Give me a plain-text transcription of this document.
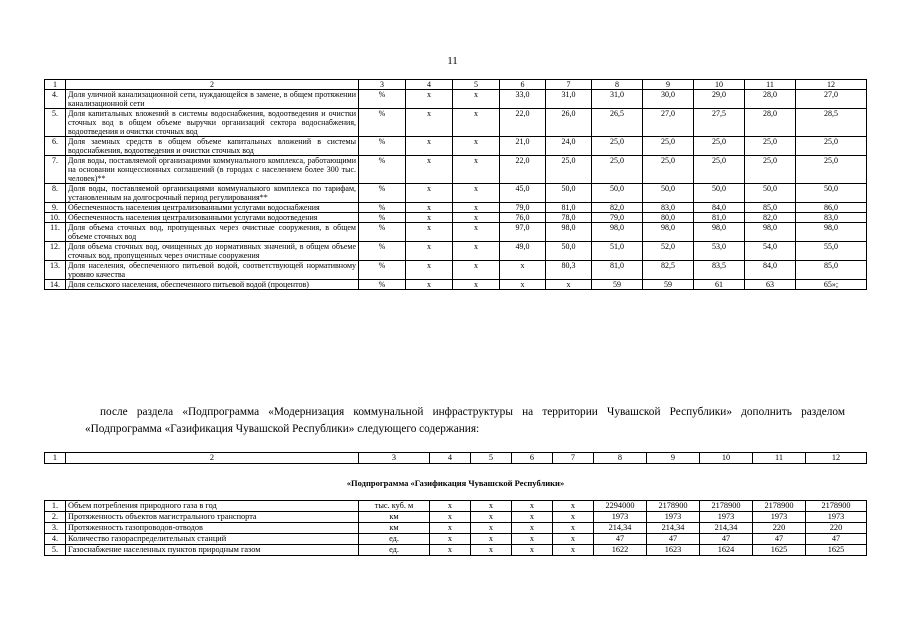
11
1	2	3	4	5	6	7	8	9	10	11	12
4.	Доля уличной канализационной сети, нуждающейся в замене, в общем протяжении канализационной сети	%	х	х	33,0	31,0	31,0	30,0	29,0	28,0	27,0
5.	Доля капитальных вложений в системы водоснабжения, водоотведения и очистки сточных вод в общем объеме выручки организаций сектора водоснабжения, водоотведения и очистки сточных вод	%	х	х	22,0	26,0	26,5	27,0	27,5	28,0	28,5
6.	Доля заемных средств в общем объеме капитальных вложений в системы водоснабжения, водоотведения и очистки сточных вод	%	х	х	21,0	24,0	25,0	25,0	25,0	25,0	25,0
7.	Доля воды, поставляемой организациями коммунального комплекса, работающими на основании концессионных соглашений (в городах с населением более 300 тыс. человек)**	%	х	х	22,0	25,0	25,0	25,0	25,0	25,0	25,0
8.	Доля воды, поставляемой организациями коммунального комплекса по тарифам, установленным на долгосрочный период регулирования**	%	х	х	45,0	50,0	50,0	50,0	50,0	50,0	50,0
9.	Обеспеченность населения централизованными услугами водоснабжения	%	х	х	79,0	81,0	82,0	83,0	84,0	85,0	86,0
10.	Обеспеченность населения централизованными услугами водоотведения	%	х	х	76,0	78,0	79,0	80,0	81,0	82,0	83,0
11.	Доля объема сточных вод, пропущенных через очистные сооружения, в общем объеме сточных вод	%	х	х	97,0	98,0	98,0	98,0	98,0	98,0	98,0
12.	Доля объема сточных вод, очищенных до нормативных значений, в общем объеме сточных вод, пропущенных через очистные сооружения	%	х	х	49,0	50,0	51,0	52,0	53,0	54,0	55,0
13.	Доля населения, обеспеченного питьевой водой, соответствующей нормативному уровню качества	%	х	х	х	80,3	81,0	82,5	83,5	84,0	85,0
14.	Доля сельского населения, обеспеченного питьевой водой (процентов)	%	х	х	х	х	59	59	61	63	65»;
после раздела «Подпрограмма «Модернизация коммунальной инфраструктуры на территории Чувашской Республики» дополнить разделом «Подпрограмма «Газификация Чувашской Республики» следующего содержания:
1	2	3	4	5	6	7	8	9	10	11	12
«Подпрограмма «Газификация Чувашской Республики»											
1.	Объем потребления природного газа в год	тыс. куб. м	х	х	х	х	2294000	2178900	2178900	2178900	2178900
2.	Протяженность объектов магистрального транспорта	км	х	х	х	х	1973	1973	1973	1973	1973
3.	Протяженность газопроводов-отводов	км	х	х	х	х	214,34	214,34	214,34	220	220
4.	Количество газораспределительных станций	ед.	х	х	х	х	47	47	47	47	47
5.	Газоснабжение населенных пунктов природным газом	ед.	х	х	х	х	1622	1623	1624	1625	1625
